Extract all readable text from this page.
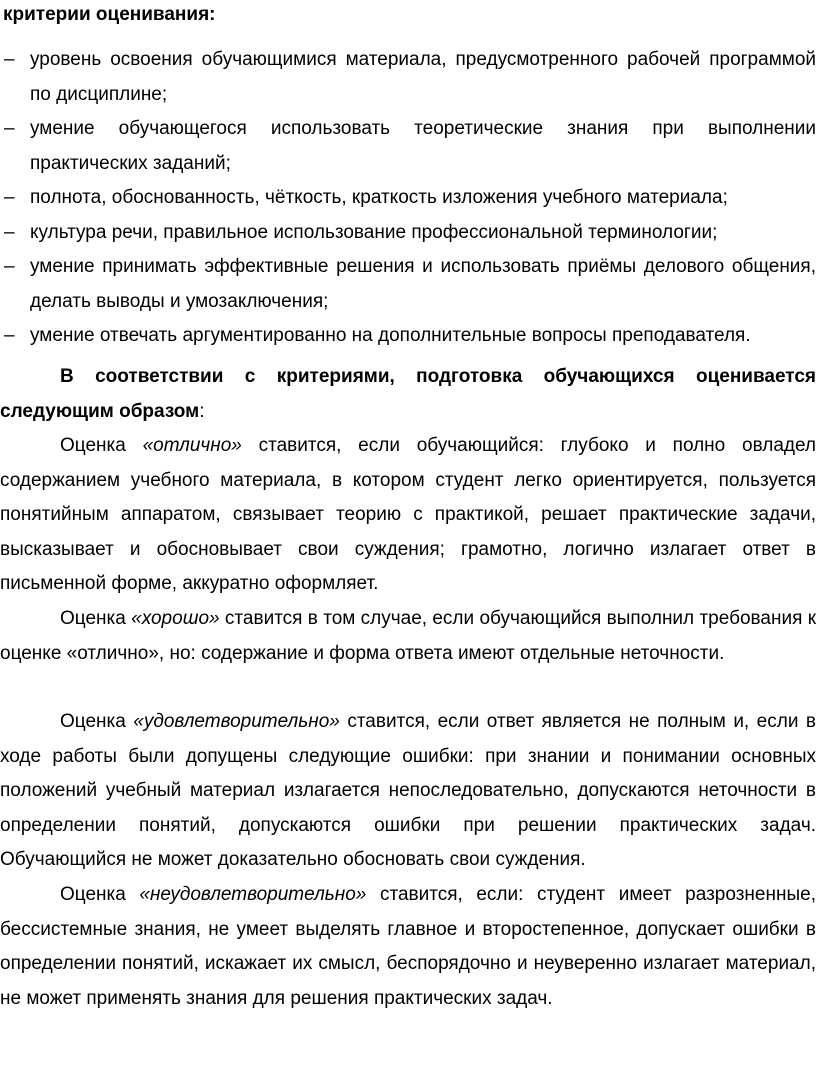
критерии оценивания:

– уровень освоения обучающимися материала, предусмотренного рабочей программой по дисциплине;
– умение обучающегося использовать теоретические знания при выполнении практических заданий;
– полнота, обоснованность, чёткость, краткость изложения учебного материала;
– культура речи, правильное использование профессиональной терминологии;
– умение принимать эффективные решения и использовать приёмы делового общения, делать выводы и умозаключения;
– умение отвечать аргументированно на дополнительные вопросы преподавателя.

В соответствии с критериями, подготовка обучающихся оценивается следующим образом:

Оценка «отлично» ставится, если обучающийся: глубоко и полно овладел содержанием учебного материала, в котором студент легко ориентируется, пользуется понятийным аппаратом, связывает теорию с практикой, решает практические задачи, высказывает и обосновывает свои суждения; грамотно, логично излагает ответ в письменной форме, аккуратно оформляет.

Оценка «хорошо» ставится в том случае, если обучающийся выполнил требования к оценке «отлично», но: содержание и форма ответа имеют отдельные неточности.

Оценка «удовлетворительно» ставится, если ответ является не полным и, если в ходе работы были допущены следующие ошибки: при знании и понимании основных положений учебный материал излагается непоследовательно, допускаются неточности в определении понятий, допускаются ошибки при решении практических задач. Обучающийся не может доказательно обосновать свои суждения.

Оценка «неудовлетворительно» ставится, если: студент имеет разрозненные, бессистемные знания, не умеет выделять главное и второстепенное, допускает ошибки в определении понятий, искажает их смысл, беспорядочно и неуверенно излагает материал, не может применять знания для решения практических задач.
